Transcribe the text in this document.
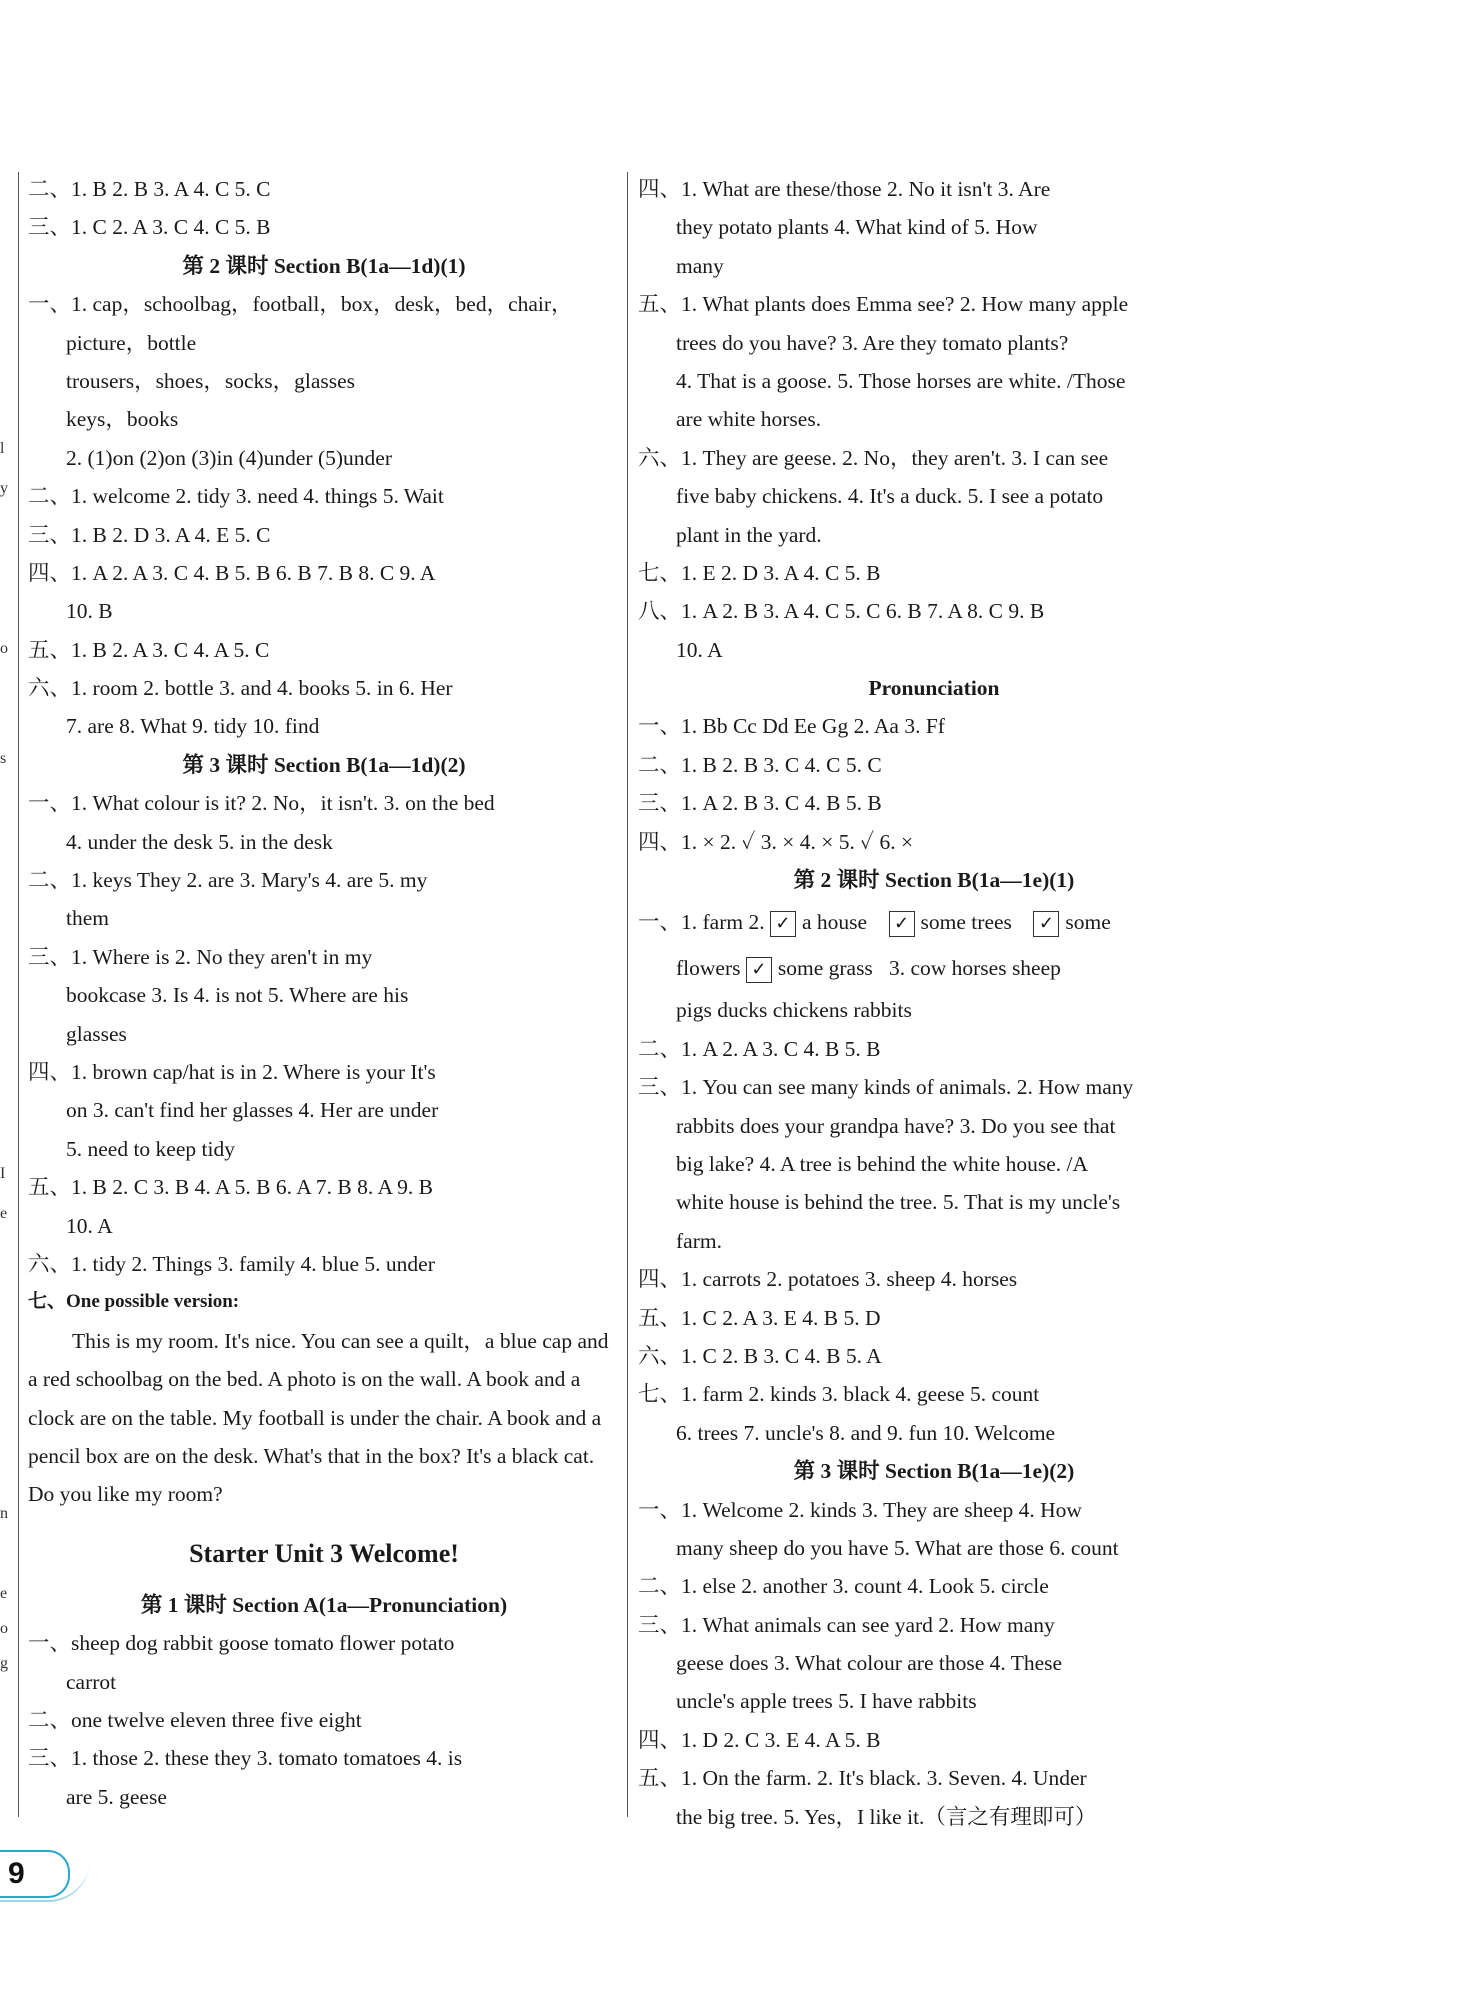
l
y
o
s
I
e
n
e
o
g
二、1. B 2. B 3. A 4. C 5. C
三、1. C 2. A 3. C 4. C 5. B
第 2 课时 Section B(1a—1d)(1)
一、1. cap，schoolbag，football，box，desk，bed，chair，
picture，bottle
trousers，shoes，socks，glasses
keys，books
2. (1)on (2)on (3)in (4)under (5)under
二、1. welcome 2. tidy 3. need 4. things 5. Wait
三、1. B 2. D 3. A 4. E 5. C
四、1. A 2. A 3. C 4. B 5. B 6. B 7. B 8. C 9. A
10. B
五、1. B 2. A 3. C 4. A 5. C
六、1. room 2. bottle 3. and 4. books 5. in 6. Her
7. are 8. What 9. tidy 10. find
第 3 课时 Section B(1a—1d)(2)
一、1. What colour is it? 2. No，it isn't. 3. on the bed
4. under the desk 5. in the desk
二、1. keys They 2. are 3. Mary's 4. are 5. my
them
三、1. Where is 2. No they aren't in my
bookcase 3. Is 4. is not 5. Where are his
glasses
四、1. brown cap/hat is in 2. Where is your It's
on 3. can't find her glasses 4. Her are under
5. need to keep tidy
五、1. B 2. C 3. B 4. A 5. B 6. A 7. B 8. A 9. B
10. A
六、1. tidy 2. Things 3. family 4. blue 5. under
七、One possible version:
This is my room. It's nice. You can see a quilt，a blue cap and a red schoolbag on the bed. A photo is on the wall. A book and a clock are on the table. My football is under the chair. A book and a pencil box are on the desk. What's that in the box? It's a black cat. Do you like my room?
Starter Unit 3 Welcome!
第 1 课时 Section A(1a—Pronunciation)
一、sheep dog rabbit goose tomato flower potato
carrot
二、one twelve eleven three five eight
三、1. those 2. these they 3. tomato tomatoes 4. is
are 5. geese
四、1. What are these/those 2. No it isn't 3. Are
they potato plants 4. What kind of 5. How
many
五、1. What plants does Emma see? 2. How many apple
trees do you have? 3. Are they tomato plants?
4. That is a goose. 5. Those horses are white. /Those
are white horses.
六、1. They are geese. 2. No，they aren't. 3. I can see
five baby chickens. 4. It's a duck. 5. I see a potato
plant in the yard.
七、1. E 2. D 3. A 4. C 5. B
八、1. A 2. B 3. A 4. C 5. C 6. B 7. A 8. C 9. B
10. A
Pronunciation
一、1. Bb Cc Dd Ee Gg 2. Aa 3. Ff
二、1. B 2. B 3. C 4. C 5. C
三、1. A 2. B 3. C 4. B 5. B
四、1. × 2. ✓ 3. × 4. × 5. ✓ 6. ×
第 2 课时 Section B(1a—1e)(1)
一、1. farm 2. ✓ a house ✓ some trees ✓ some
flowers ✓ some grass 3. cow horses sheep
pigs ducks chickens rabbits
二、1. A 2. A 3. C 4. B 5. B
三、1. You can see many kinds of animals. 2. How many
rabbits does your grandpa have? 3. Do you see that
big lake? 4. A tree is behind the white house. /A
white house is behind the tree. 5. That is my uncle's
farm.
四、1. carrots 2. potatoes 3. sheep 4. horses
五、1. C 2. A 3. E 4. B 5. D
六、1. C 2. B 3. C 4. B 5. A
七、1. farm 2. kinds 3. black 4. geese 5. count
6. trees 7. uncle's 8. and 9. fun 10. Welcome
第 3 课时 Section B(1a—1e)(2)
一、1. Welcome 2. kinds 3. They are sheep 4. How
many sheep do you have 5. What are those 6. count
二、1. else 2. another 3. count 4. Look 5. circle
三、1. What animals can see yard 2. How many
geese does 3. What colour are those 4. These
uncle's apple trees 5. I have rabbits
四、1. D 2. C 3. E 4. A 5. B
五、1. On the farm. 2. It's black. 3. Seven. 4. Under
the big tree. 5. Yes，I like it.（言之有理即可）
9
